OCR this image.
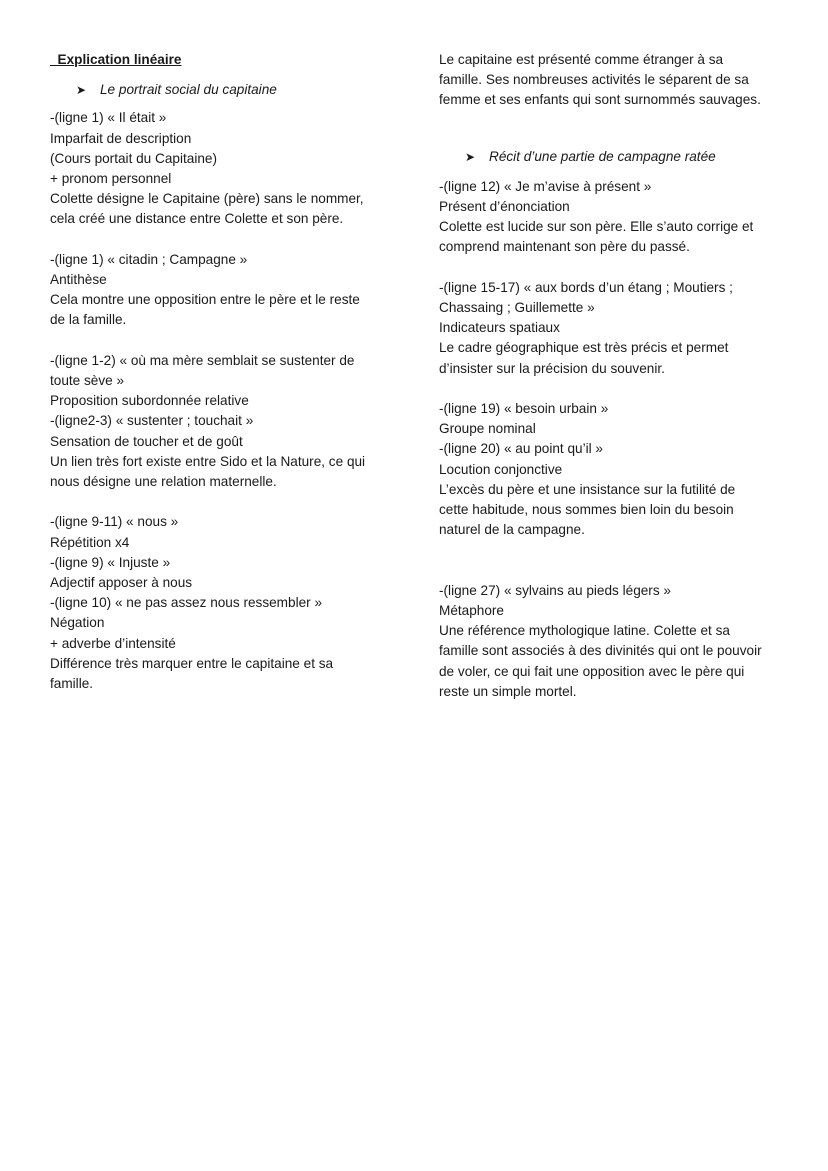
_Explication linéaire

➤	Le portrait social du capitaine

-(ligne 1) « Il était »

Imparfait de description

(Cours portait du Capitaine)

+ pronom personnel

Colette désigne le Capitaine (père) sans le nommer,

cela créé une distance entre Colette et son père.

-(ligne 1) « citadin ; Campagne »

Antithèse

Cela montre une opposition entre le père et le reste

de la famille.

-(ligne 1-2) « où ma mère semblait se sustenter de

toute sève »

Proposition subordonnée relative

-(ligne2-3) « sustenter ; touchait »

Sensation de toucher et de goût

Un lien très fort existe entre Sido et la Nature, ce qui

nous désigne une relation maternelle.

-(ligne 9-11) « nous »

Répétition x4

-(ligne 9) « Injuste »

Adjectif apposer à nous

-(ligne 10) « ne pas assez nous ressembler »

Négation

+ adverbe d’intensité

Différence très marquer entre le capitaine et sa

famille.

Le capitaine est présenté comme étranger à sa

famille. Ses nombreuses activités le séparent de sa

femme et ses enfants qui sont surnommés sauvages.

➤	Récit d’une partie de campagne ratée

-(ligne 12) « Je m’avise à présent »

Présent d’énonciation

Colette est lucide sur son père. Elle s’auto corrige et

comprend maintenant son père du passé.

-(ligne 15-17) « aux bords d’un étang ; Moutiers ;

Chassaing ; Guillemette »

Indicateurs spatiaux

Le cadre géographique est très précis et permet

d’insister sur la précision du souvenir.

-(ligne 19) « besoin urbain »

Groupe nominal

-(ligne 20) « au point qu’il »

Locution conjonctive

L’excès du père et une insistance sur la futilité de

cette habitude, nous sommes bien loin du besoin

naturel de la campagne.

-(ligne 27) « sylvains au pieds légers »

Métaphore

Une référence mythologique latine. Colette et sa

famille sont associés à des divinités qui ont le pouvoir

de voler, ce qui fait une opposition avec le père qui

reste un simple mortel.
